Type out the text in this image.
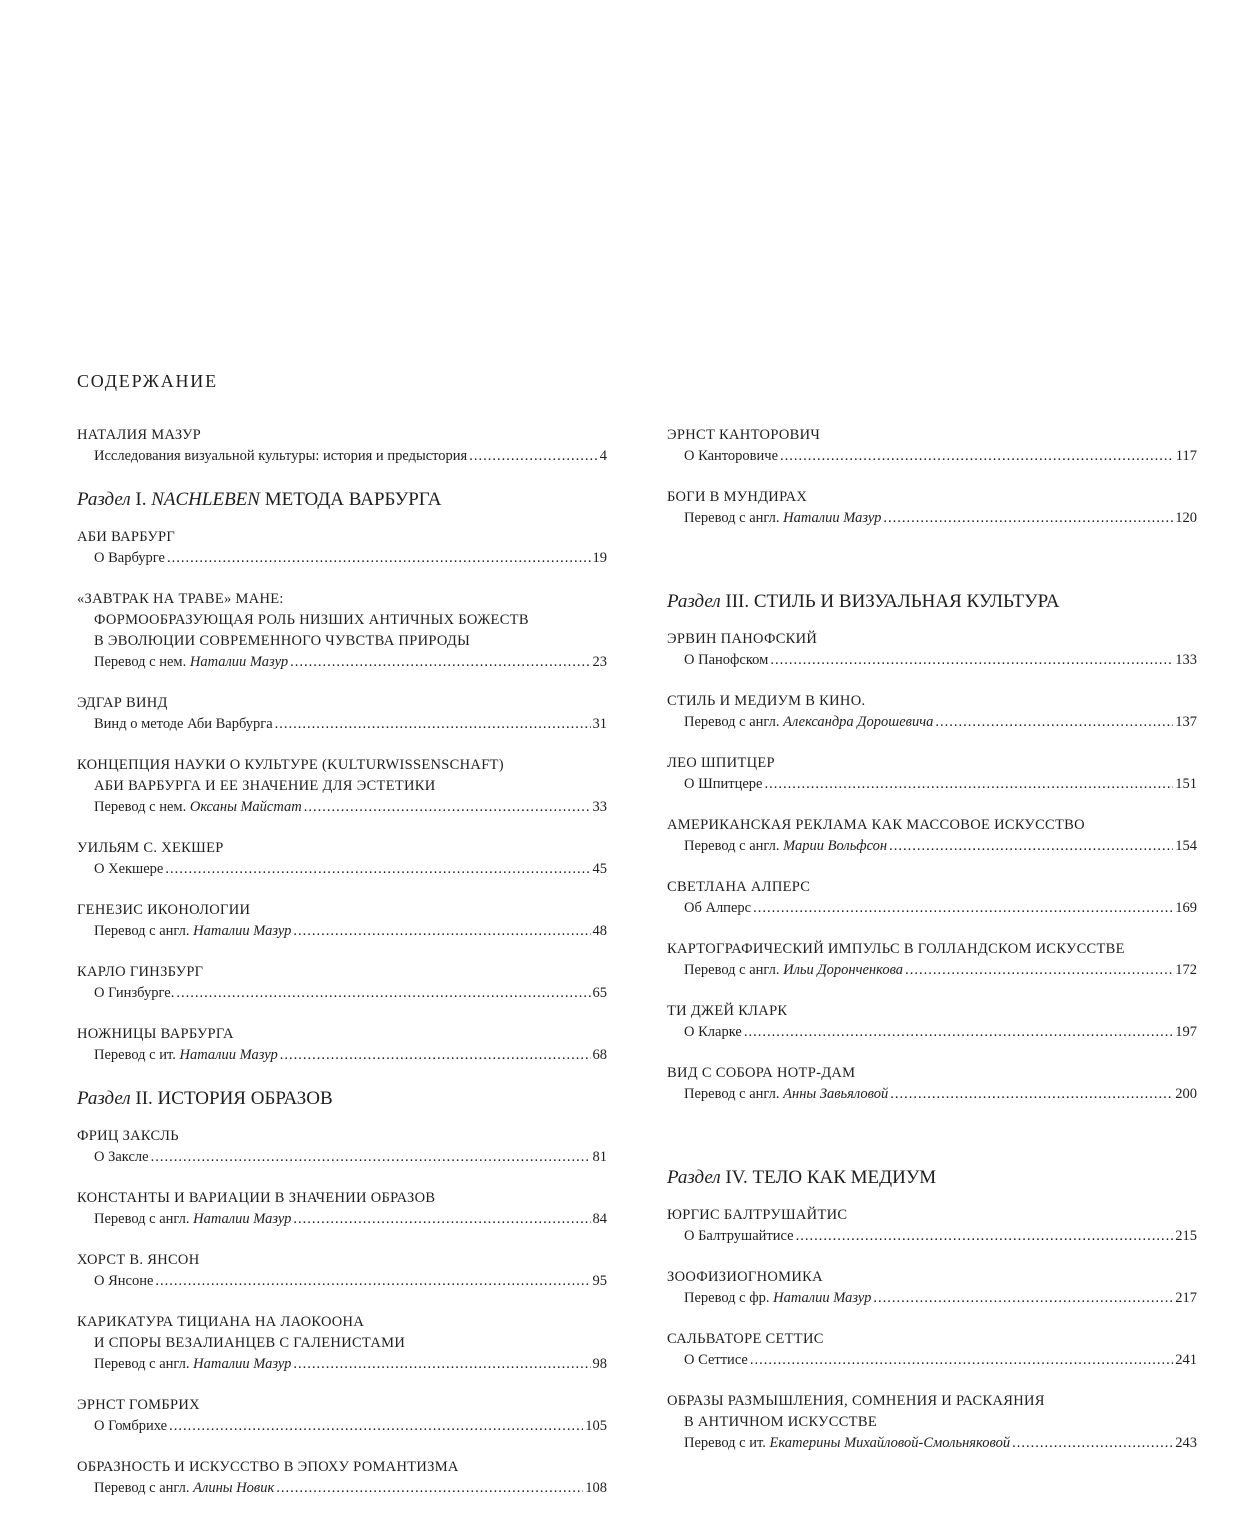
СОДЕРЖАНИЕ
НАТАЛИЯ МАЗУР
Исследования визуальной культуры: история и предыстория .....	4
Раздел I. NACHLEBEN МЕТОДА ВАРБУРГА
АБИ ВАРБУРГ
О Варбурге .....	19
«ЗАВТРАК НА ТРАВЕ» МАНЕ:
ФОРМООБРАЗУЮЩАЯ РОЛЬ НИЗШИХ АНТИЧНЫХ БОЖЕСТВ
В ЭВОЛЮЦИИ СОВРЕМЕННОГО ЧУВСТВА ПРИРОДЫ
Перевод с нем. Наталии Мазур .....	23
ЭДГАР ВИНД
Винд о методе Аби Варбурга .....	31
КОНЦЕПЦИЯ НАУКИ О КУЛЬТУРЕ (KULTURWISSENSCHAFT)
АБИ ВАРБУРГА И ЕЕ ЗНАЧЕНИЕ ДЛЯ ЭСТЕТИКИ
Перевод с нем. Оксаны Майстат .....	33
УИЛЬЯМ С. ХЕКШЕР
О Хекшере .....	45
ГЕНЕЗИС ИКОНОЛОГИИ
Перевод с англ. Наталии Мазур .....	48
КАРЛО ГИНЗБУРГ
О Гинзбурге. .....	65
НОЖНИЦЫ ВАРБУРГА
Перевод с ит. Наталии Мазур .....	68
Раздел II. ИСТОРИЯ ОБРАЗОВ
ФРИЦ ЗАКСЛЬ
О Заксле .....	81
КОНСТАНТЫ И ВАРИАЦИИ В ЗНАЧЕНИИ ОБРАЗОВ
Перевод с англ. Наталии Мазур .....	84
ХОРСТ В. ЯНСОН
О Янсоне .....	95
КАРИКАТУРА ТИЦИАНА НА ЛАОКООНА
И СПОРЫ ВЕЗАЛИАНЦЕВ С ГАЛЕНИСТАМИ
Перевод с англ. Наталии Мазур .....	98
ЭРНСТ ГОМБРИХ
О Гомбрихе .....	105
ОБРАЗНОСТЬ И ИСКУССТВО В ЭПОХУ РОМАНТИЗМА
Перевод с англ. Алины Новик .....	108
ЭРНСТ КАНТОРОВИЧ
О Канторовиче .....	117
БОГИ В МУНДИРАХ
Перевод с англ. Наталии Мазур .....	120
Раздел III. СТИЛЬ И ВИЗУАЛЬНАЯ КУЛЬТУРА
ЭРВИН ПАНОФСКИЙ
О Панофском .....	133
СТИЛЬ И МЕДИУМ В КИНО.
Перевод с англ. Александра Дорошевича .....	137
ЛЕО ШПИТЦЕР
О Шпитцере .....	151
АМЕРИКАНСКАЯ РЕКЛАМА КАК МАССОВОЕ ИСКУССТВО
Перевод с англ. Марии Вольфсон .....	154
СВЕТЛАНА АЛПЕРС
Об Алперс .....	169
КАРТОГРАФИЧЕСКИЙ ИМПУЛЬС В ГОЛЛАНДСКОМ ИСКУССТВЕ
Перевод с англ. Ильи Доронченкова .....	172
ТИ ДЖЕЙ КЛАРК
О Кларке .....	197
ВИД С СОБОРА НОТР-ДАМ
Перевод с англ. Анны Завьяловой .....	200
Раздел IV. ТЕЛО КАК МЕДИУМ
ЮРГИС БАЛТРУШАЙТИС
О Балтрушайтисе .....	215
ЗООФИЗИОГНОМИКА
Перевод с фр. Наталии Мазур .....	217
САЛЬВАТОРЕ СЕТТИС
О Сеттисе .....	241
ОБРАЗЫ РАЗМЫШЛЕНИЯ, СОМНЕНИЯ И РАСКАЯНИЯ
В АНТИЧНОМ ИСКУССТВЕ
Перевод с ит. Екатерины Михайловой-Смольняковой .....	243
